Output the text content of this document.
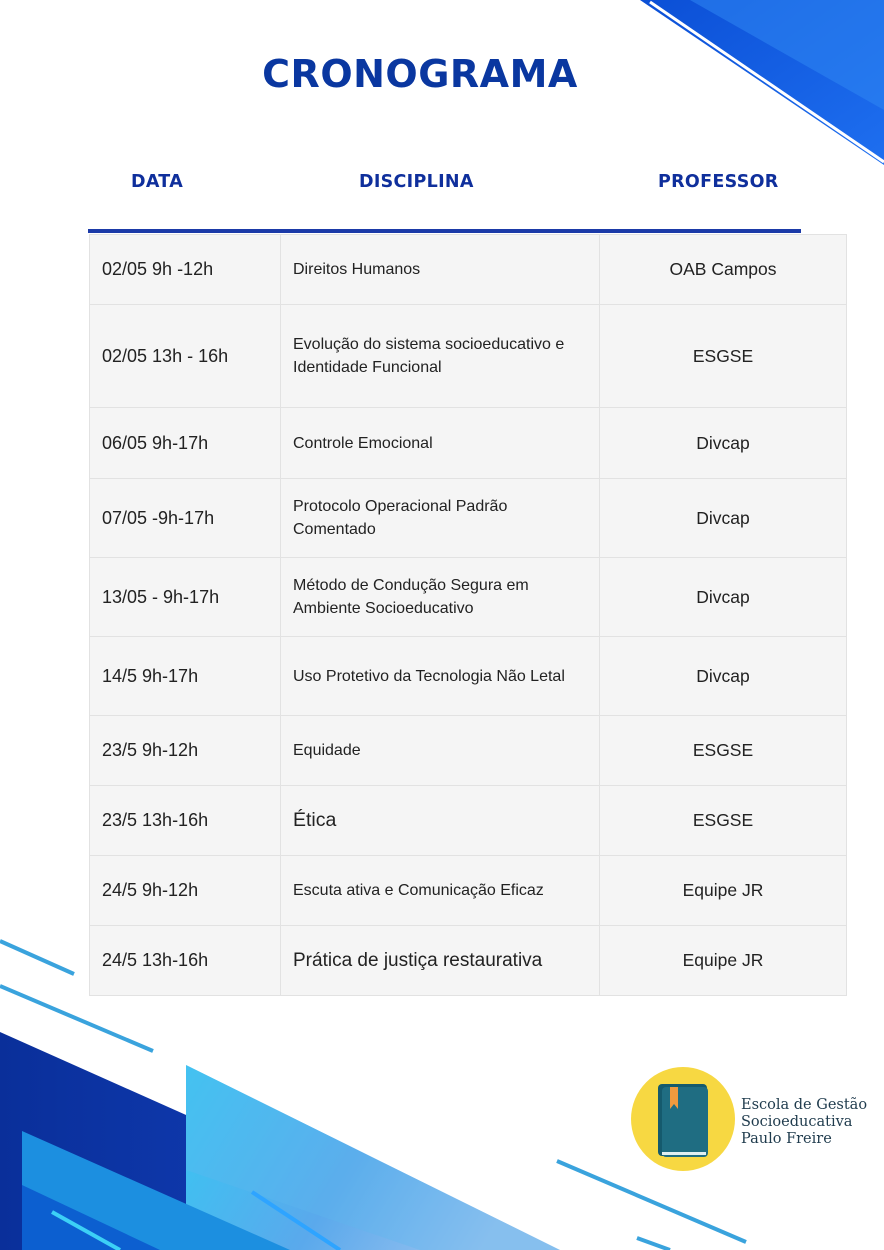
CRONOGRAMA
DATA	DISCIPLINA	PROFESSOR
02/05 9h -12h	Direitos Humanos	OAB Campos
02/05 13h - 16h	Evolução do sistema socioeducativo e Identidade Funcional	ESGSE
06/05 9h-17h	Controle Emocional	Divcap
07/05 -9h-17h	Protocolo Operacional Padrão Comentado	Divcap
13/05 - 9h-17h	Método de Condução Segura em Ambiente Socioeducativo	Divcap
14/5 9h-17h	Uso Protetivo da Tecnologia Não Letal	Divcap
23/5 9h-12h	Equidade	ESGSE
23/5 13h-16h	Ética	ESGSE
24/5 9h-12h	Escuta ativa e Comunicação Eficaz	Equipe JR
24/5 13h-16h	Prática de justiça restaurativa	Equipe JR
Escola de Gestão
Socioeducativa
Paulo Freire
